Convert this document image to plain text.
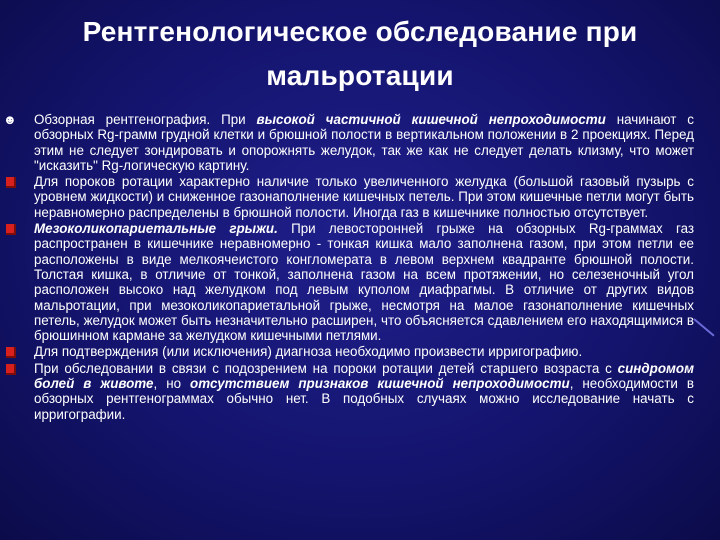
Рентгенологическое обследование при
мальротации

☻ Обзорная рентгенография. При высокой частичной кишечной непроходимости начинают с обзорных Rg-грамм грудной клетки и брюшной полости в вертикальном положении в 2 проекциях. Перед этим не следует зондировать и опорожнять желудок, так же как не следует делать клизму, что может "исказить" Rg-логическую картину.

Для пороков ротации характерно наличие только увеличенного желудка (большой газовый пузырь с уровнем жидкости) и сниженное газонаполнение кишечных петель. При этом кишечные петли могут быть неравномерно распределены в брюшной полости. Иногда газ в кишечнике полностью отсутствует.

Мезоколикопариетальные грыжи. При левосторонней грыже на обзорных Rg-граммах газ распространен в кишечнике неравномерно - тонкая кишка мало заполнена газом, при этом петли ее расположены в виде мелкоячеистого конгломерата в левом верхнем квадранте брюшной полости. Толстая кишка, в отличие от тонкой, заполнена газом на всем протяжении, но селезеночный угол расположен высоко над желудком под левым куполом диафрагмы. В отличие от других видов мальротации, при мезоколикопариетальной грыже, несмотря на малое газонаполнение кишечных петель, желудок может быть незначительно расширен, что объясняется сдавлением его находящимися в брюшинном кармане за желудком кишечными петлями.

Для подтверждения (или исключения) диагноза необходимо произвести ирригографию.

При обследовании в связи с подозрением на пороки ротации детей старшего возраста с синдромом болей в животе, но отсутствием признаков кишечной непроходимости, необходимости в обзорных рентгенограммах обычно нет. В подобных случаях можно исследование начать с ирригографии.
